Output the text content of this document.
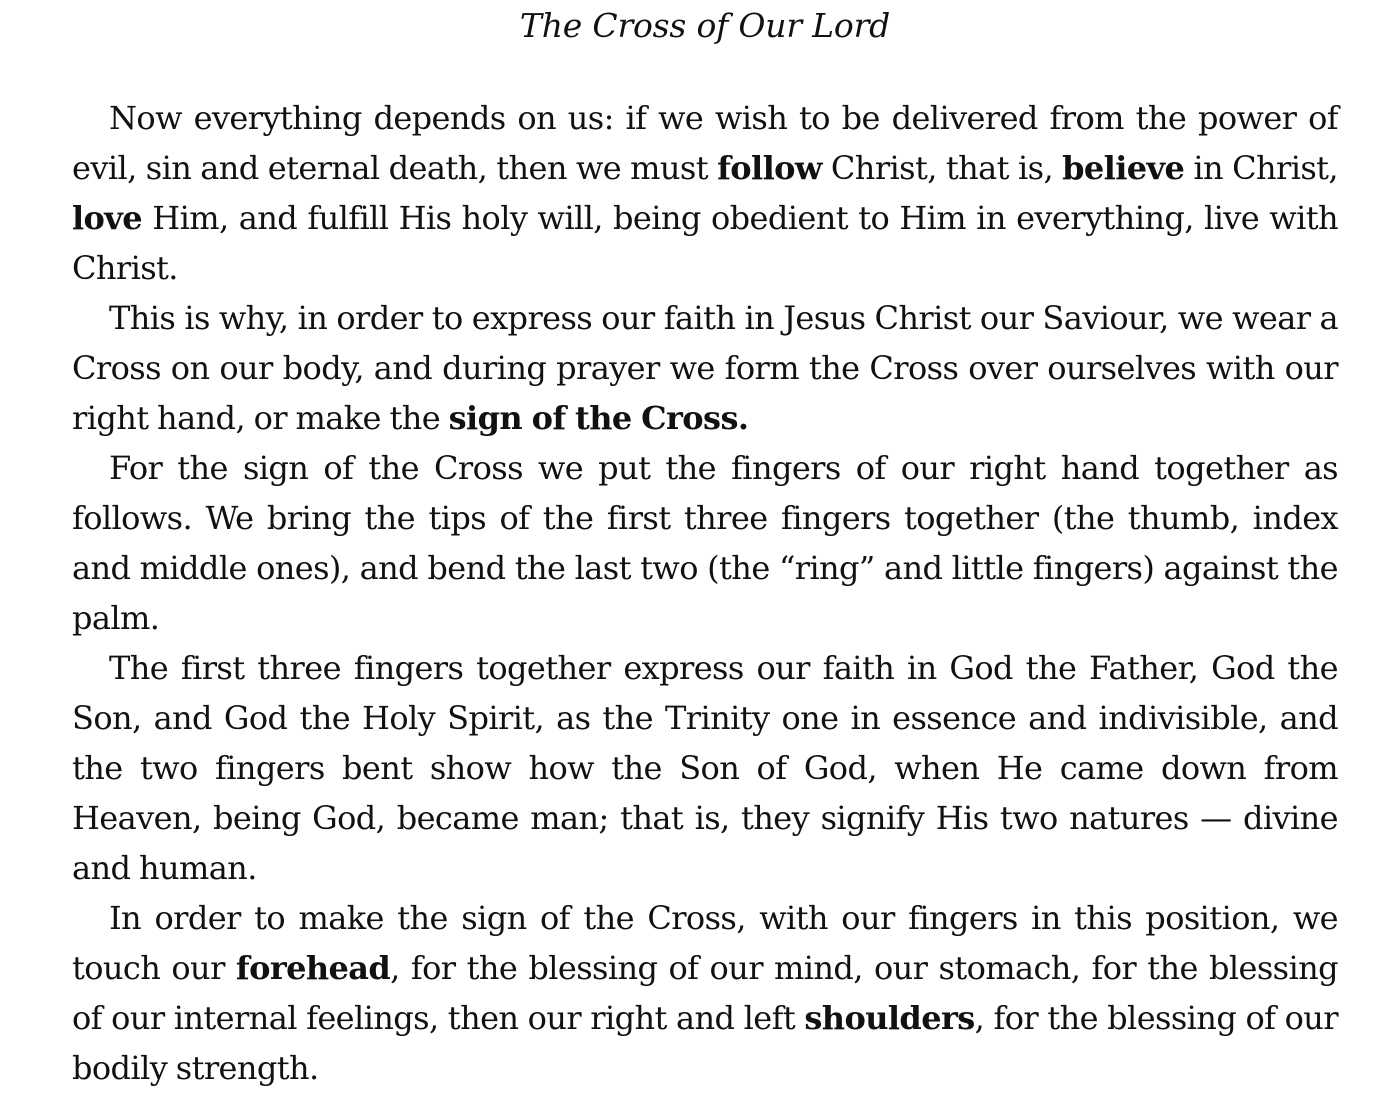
The Cross of Our Lord

Now everything depends on us: if we wish to be delivered from the power of evil, sin and eternal death, then we must follow Christ, that is, believe in Christ, love Him, and fulfill His holy will, being obedient to Him in everything, live with Christ.

This is why, in order to express our faith in Jesus Christ our Saviour, we wear a Cross on our body, and during prayer we form the Cross over ourselves with our right hand, or make the sign of the Cross.

For the sign of the Cross we put the fingers of our right hand together as follows. We bring the tips of the first three fingers together (the thumb, index and middle ones), and bend the last two (the “ring” and little fingers) against the palm.

The first three fingers together express our faith in God the Father, God the Son, and God the Holy Spirit, as the Trinity one in essence and indivisible, and the two fingers bent show how the Son of God, when He came down from Heaven, being God, became man; that is, they signify His two natures — divine and human.

In order to make the sign of the Cross, with our fingers in this position, we touch our forehead, for the blessing of our mind, our stomach, for the blessing of our internal feelings, then our right and left shoulders, for the blessing of our bodily strength.
